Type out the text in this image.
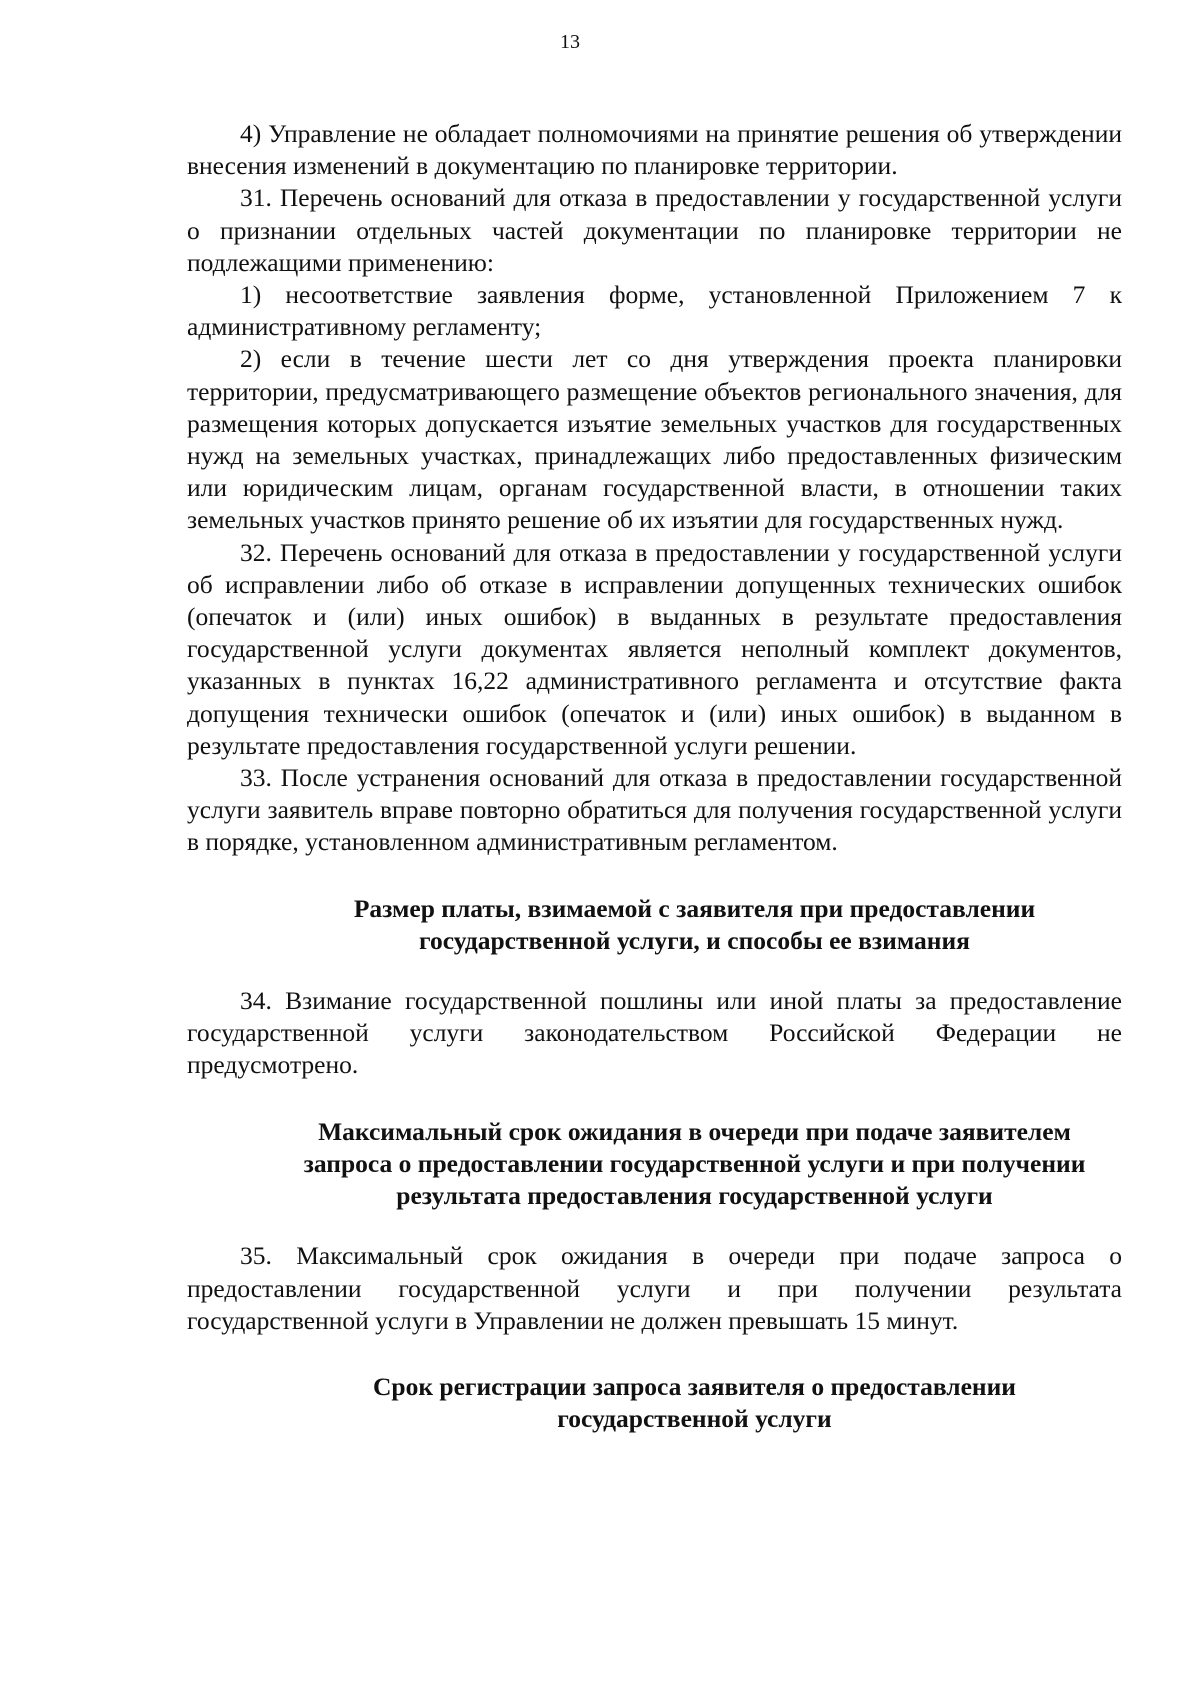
13

4) Управление не обладает полномочиями на принятие решения об утверждении внесения изменений в документацию по планировке территории.

31. Перечень оснований для отказа в предоставлении у государственной услуги о признании отдельных частей документации по планировке территории не подлежащими применению:

1) несоответствие заявления форме, установленной Приложением 7 к административному регламенту;

2) если в течение шести лет со дня утверждения проекта планировки территории, предусматривающего размещение объектов регионального значения, для размещения которых допускается изъятие земельных участков для государственных нужд на земельных участках, принадлежащих либо предоставленных физическим или юридическим лицам, органам государственной власти, в отношении таких земельных участков принято решение об их изъятии для государственных нужд.

32. Перечень оснований для отказа в предоставлении у государственной услуги об исправлении либо об отказе в исправлении допущенных технических ошибок (опечаток и (или) иных ошибок) в выданных в результате предоставления государственной услуги документах является неполный комплект документов, указанных в пунктах 16,22 административного регламента и отсутствие факта допущения технически ошибок (опечаток и (или) иных ошибок) в выданном в результате предоставления государственной услуги решении.

33. После устранения оснований для отказа в предоставлении государственной услуги заявитель вправе повторно обратиться для получения государственной услуги в порядке, установленном административным регламентом.

Размер платы, взимаемой с заявителя при предоставлении

государственной услуги, и способы ее взимания

34. Взимание государственной пошлины или иной платы за предоставление государственной услуги законодательством Российской Федерации не предусмотрено.

Максимальный срок ожидания в очереди при подаче заявителем

запроса о предоставлении государственной услуги и при получении

результата предоставления государственной услуги

35. Максимальный срок ожидания в очереди при подаче запроса о предоставлении государственной услуги и при получении результата государственной услуги в Управлении не должен превышать 15 минут.

Срок регистрации запроса заявителя о предоставлении

государственной услуги
